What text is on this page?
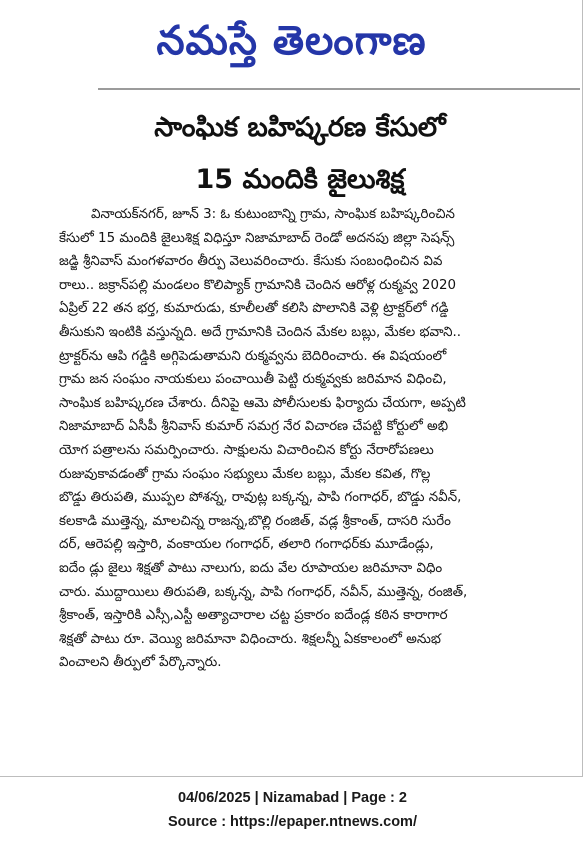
నమస్తే తెలంగాణ
సాంఘిక బహిష్కరణ కేసులో
15 మందికి జైలుశిక్ష
వినాయక్‌నగర్, జూన్ 3: ఓ కుటుంబాన్ని గ్రామ, సాంఘిక బహిష్కరించిన
కేసులో 15 మందికి జైలుశిక్ష విధిస్తూ నిజామాబాద్ రెండో అదనపు జిల్లా సెషన్స్
జడ్జి శ్రీనివాస్ మంగళవారం తీర్పు వెలువరించారు. కేసుకు సంబంధించిన వివ
రాలు.. జక్రాన్‌పల్లి మండలం కొలిప్యాక్ గ్రామానికి చెందిన ఆరోళ్ల రుక్మవ్వ 2020
ఏప్రిల్ 22 తన భర్త, కుమారుడు, కూలీలతో కలిసి పొలానికి వెళ్లి ట్రాక్టర్‌లో గడ్డి
తీసుకుని ఇంటికి వస్తున్నది. అదే గ్రామానికి చెందిన మేకల బబ్లు, మేకల భవాని..
ట్రాక్టర్‌ను ఆపి గడ్డికి అగ్గిపెడుతామని రుక్మవ్వను బెదిరించారు. ఈ విషయంలో
గ్రామ జన సంఘం నాయకులు పంచాయితీ పెట్టి రుక్మవ్వకు జరిమాన విధించి,
సాంఘిక బహిష్కరణ చేశారు. దీనిపై ఆమె పోలీసులకు ఫిర్యాదు చేయగా, అప్పటి
నిజామాబాద్ ఏసీపీ శ్రీనివాస్ కుమార్ సమగ్ర నేర విచారణ చేపట్టి కోర్టులో అభి
యోగ పత్రాలను సమర్పించారు. సాక్షులను విచారించిన కోర్టు నేరారోపణలు
రుజువుకావడంతో గ్రామ సంఘం సభ్యులు మేకల బబ్లు, మేకల కవిత, గొల్ల
బొడ్డు తిరుపతి, ముప్పల పోశన్న, రావుట్ల బక్కన్న, పాపి గంగాధర్, బొడ్డు నవీన్,
కలకాడి ముత్తెన్న, మాలచిన్న రాజన్న,బొల్లి రంజిత్, వడ్ల శ్రీకాంత్, దాసరి సురేం
దర్, ఆరెపల్లి ఇస్తారి, వంకాయల గంగాధర్, తలారి గంగాధర్‌కు మూడేండ్లు,
ఐదేం డ్లు జైలు శిక్షతో పాటు నాలుగు, ఐదు వేల రూపాయల జరిమానా విధిం
చారు. ముద్దాయిలు తిరుపతి, బక్కన్న, పాపి గంగాధర్, నవీన్, ముత్తెన్న, రంజిత్,
శ్రీకాంత్, ఇస్తారికి ఎస్సీ,ఎస్టీ అత్యాచారాల చట్ట ప్రకారం ఐదేండ్ల కఠిన కారాగార
శిక్షతో పాటు రూ. వెయ్యి జరిమానా విధించారు. శిక్షలన్నీ ఏకకాలంలో అనుభ
వించాలని తీర్పులో పేర్కొన్నారు.
04/06/2025 | Nizamabad | Page : 2
Source : https://epaper.ntnews.com/
